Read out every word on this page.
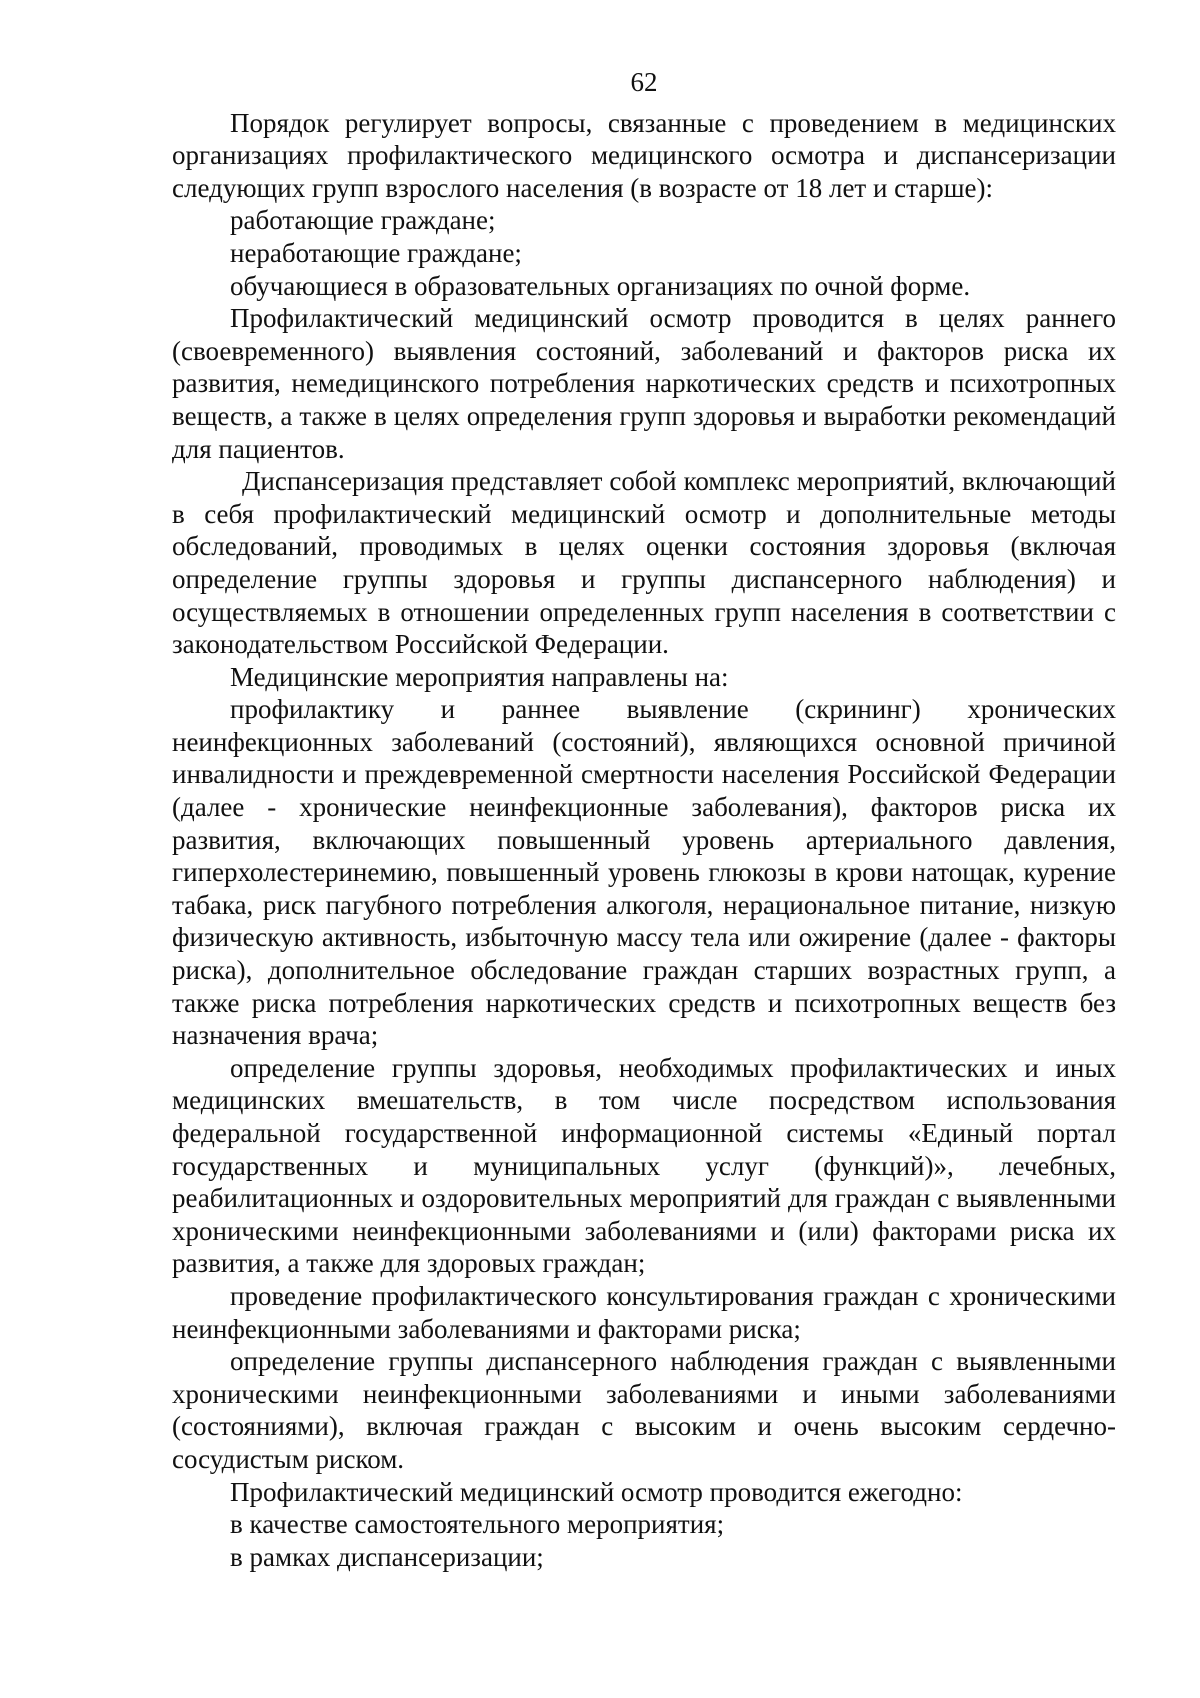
62

Порядок регулирует вопросы, связанные с проведением в медицинских организациях профилактического медицинского осмотра и диспансеризации следующих групп взрослого населения (в возрасте от 18 лет и старше):

работающие граждане;

неработающие граждане;

обучающиеся в образовательных организациях по очной форме.

Профилактический медицинский осмотр проводится в целях раннего (своевременного) выявления состояний, заболеваний и факторов риска их развития, немедицинского потребления наркотических средств и психотропных веществ, а также в целях определения групп здоровья и выработки рекомендаций для пациентов.

Диспансеризация представляет собой комплекс мероприятий, включающий в себя профилактический медицинский осмотр и дополнительные методы обследований, проводимых в целях оценки состояния здоровья (включая определение группы здоровья и группы диспансерного наблюдения) и осуществляемых в отношении определенных групп населения в соответствии с законодательством Российской Федерации.

Медицинские мероприятия направлены на:

профилактику и раннее выявление (скрининг) хронических неинфекционных заболеваний (состояний), являющихся основной причиной инвалидности и преждевременной смертности населения Российской Федерации (далее - хронические неинфекционные заболевания), факторов риска их развития, включающих повышенный уровень артериального давления, гиперхолестеринемию, повышенный уровень глюкозы в крови натощак, курение табака, риск пагубного потребления алкоголя, нерациональное питание, низкую физическую активность, избыточную массу тела или ожирение (далее - факторы риска), дополнительное обследование граждан старших возрастных групп, а также риска потребления наркотических средств и психотропных веществ без назначения врача;

определение группы здоровья, необходимых профилактических и иных медицинских вмешательств, в том числе посредством использования федеральной государственной информационной системы «Единый портал государственных и муниципальных услуг (функций)», лечебных, реабилитационных и оздоровительных мероприятий для граждан с выявленными хроническими неинфекционными заболеваниями и (или) факторами риска их развития, а также для здоровых граждан;

проведение профилактического консультирования граждан с хроническими неинфекционными заболеваниями и факторами риска;

определение группы диспансерного наблюдения граждан с выявленными хроническими неинфекционными заболеваниями и иными заболеваниями (состояниями), включая граждан с высоким и очень высоким сердечно-сосудистым риском.

Профилактический медицинский осмотр проводится ежегодно:

в качестве самостоятельного мероприятия;

в рамках диспансеризации;
